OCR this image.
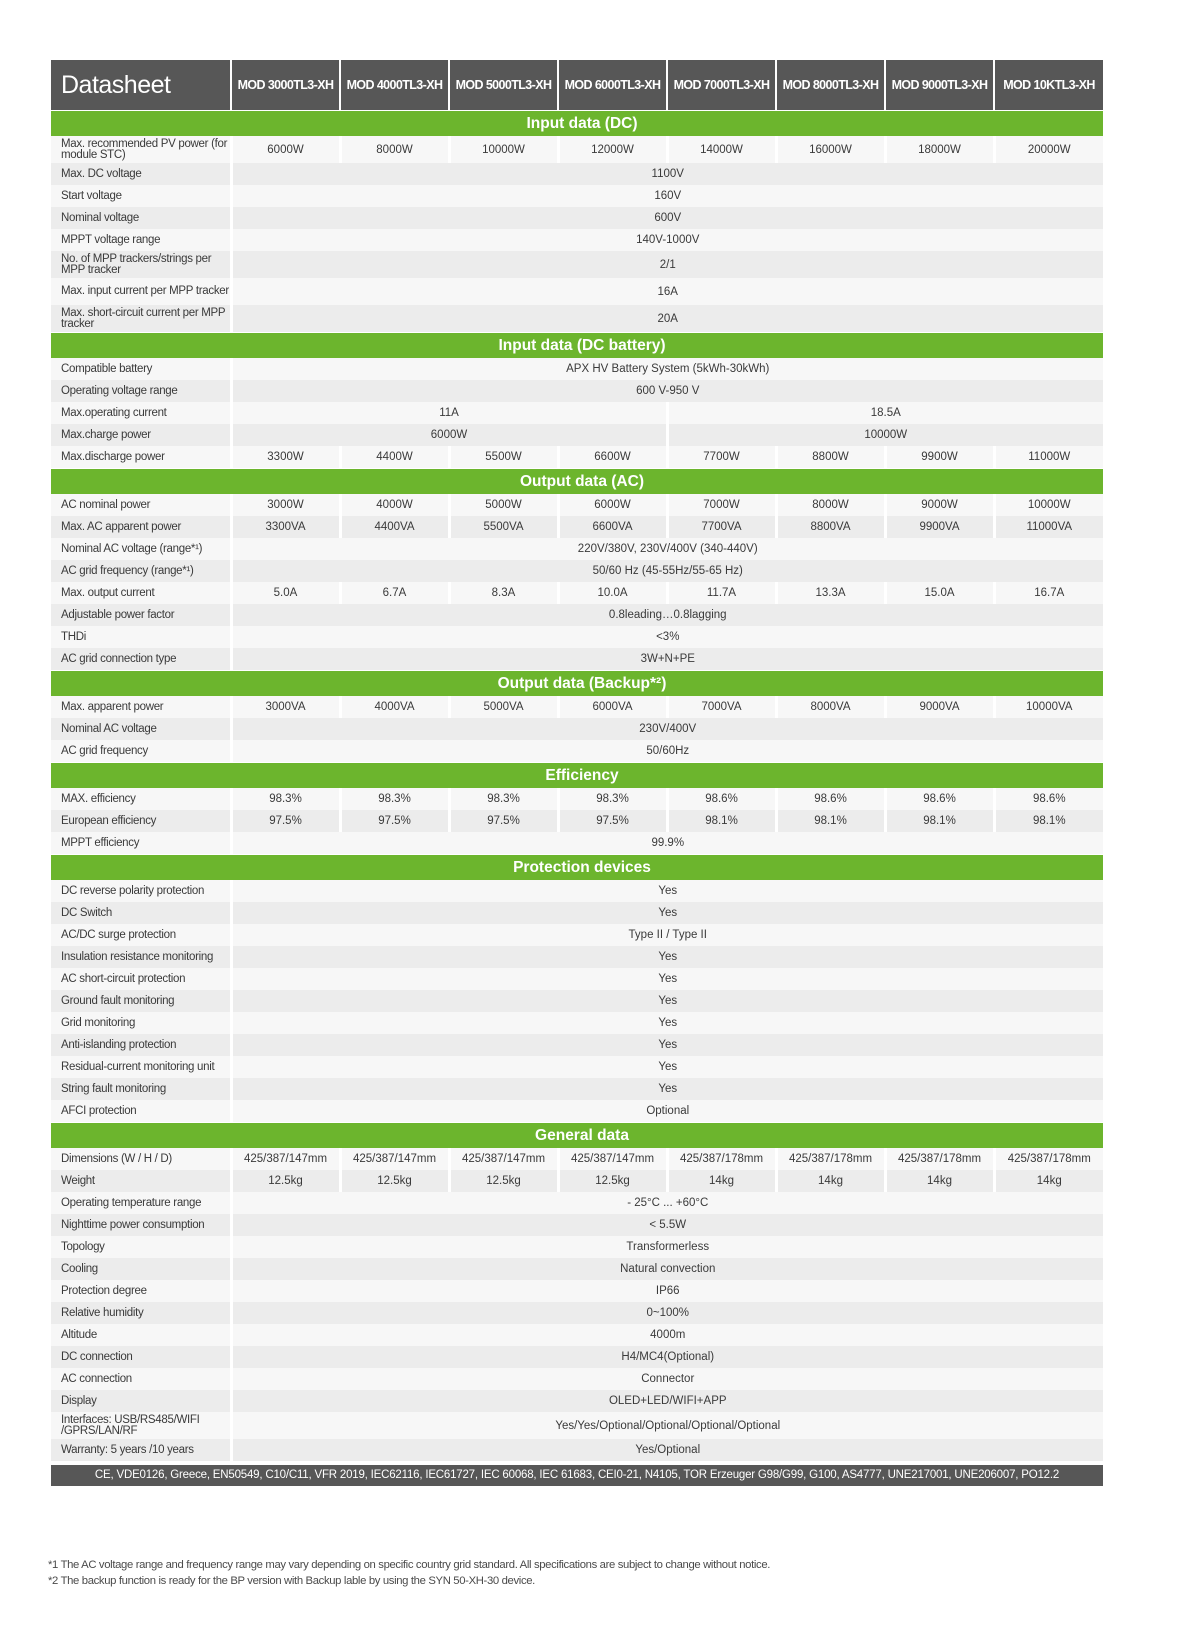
Datasheet	MOD 3000TL3-XH	MOD 4000TL3-XH	MOD 5000TL3-XH	MOD 6000TL3-XH	MOD 7000TL3-XH	MOD 8000TL3-XH	MOD 9000TL3-XH	MOD 10KTL3-XH
Input data (DC)								
Max. recommended PV power (for module STC)	6000W	8000W	10000W	12000W	14000W	16000W	18000W	20000W
Max. DC voltage	1100V							
Start voltage	160V							
Nominal voltage	600V							
MPPT voltage range	140V-1000V							
No. of MPP trackers/strings per MPP tracker	2/1							
Max. input current per MPP tracker	16A							
Max. short-circuit current per MPP tracker	20A							
Input data (DC battery)								
Compatible battery	APX HV Battery System (5kWh-30kWh)							
Operating voltage range	600 V-950 V							
Max.operating current	11A				18.5A			
Max.charge power	6000W				10000W			
Max.discharge power	3300W	4400W	5500W	6600W	7700W	8800W	9900W	11000W
Output data (AC)								
AC nominal power	3000W	4000W	5000W	6000W	7000W	8000W	9000W	10000W
Max. AC apparent power	3300VA	4400VA	5500VA	6600VA	7700VA	8800VA	9900VA	11000VA
Nominal AC voltage (range*¹)	220V/380V, 230V/400V (340-440V)							
AC grid frequency (range*¹)	50/60 Hz (45-55Hz/55-65 Hz)							
Max. output current	5.0A	6.7A	8.3A	10.0A	11.7A	13.3A	15.0A	16.7A
Adjustable power factor	0.8leading…0.8lagging							
THDi	<3%							
AC grid connection type	3W+N+PE							
Output data (Backup*²)								
Max. apparent power	3000VA	4000VA	5000VA	6000VA	7000VA	8000VA	9000VA	10000VA
Nominal AC voltage	230V/400V							
AC grid frequency	50/60Hz							
Efficiency								
MAX. efficiency	98.3%	98.3%	98.3%	98.3%	98.6%	98.6%	98.6%	98.6%
European efficiency	97.5%	97.5%	97.5%	97.5%	98.1%	98.1%	98.1%	98.1%
MPPT efficiency	99.9%							
Protection devices								
DC reverse polarity protection	Yes							
DC Switch	Yes							
AC/DC surge protection	Type II / Type II							
Insulation resistance monitoring	Yes							
AC short-circuit protection	Yes							
Ground fault monitoring	Yes							
Grid monitoring	Yes							
Anti-islanding protection	Yes							
Residual-current monitoring unit	Yes							
String fault monitoring	Yes							
AFCI protection	Optional							
General data								
Dimensions (W / H / D)	425/387/147mm	425/387/147mm	425/387/147mm	425/387/147mm	425/387/178mm	425/387/178mm	425/387/178mm	425/387/178mm
Weight	12.5kg	12.5kg	12.5kg	12.5kg	14kg	14kg	14kg	14kg
Operating temperature range	- 25°C ... +60°C							
Nighttime power consumption	< 5.5W							
Topology	Transformerless							
Cooling	Natural convection							
Protection degree	IP66							
Relative humidity	0~100%							
Altitude	4000m							
DC connection	H4/MC4(Optional)							
AC connection	Connector							
Display	OLED+LED/WIFI+APP							
Interfaces: USB/RS485/WIFI /GPRS/LAN/RF	Yes/Yes/Optional/Optional/Optional/Optional							
Warranty: 5 years /10 years	Yes/Optional							
CE, VDE0126, Greece, EN50549, C10/C11, VFR 2019, IEC62116, IEC61727, IEC 60068, IEC 61683, CEI0-21, N4105, TOR Erzeuger G98/G99, G100, AS4777, UNE217001, UNE206007, PO12.2
*1 The AC voltage range and frequency range may vary depending on specific country grid standard. All specifications are subject to change without notice.
*2 The backup function is ready for the BP version with Backup lable by using the SYN 50-XH-30 device.
